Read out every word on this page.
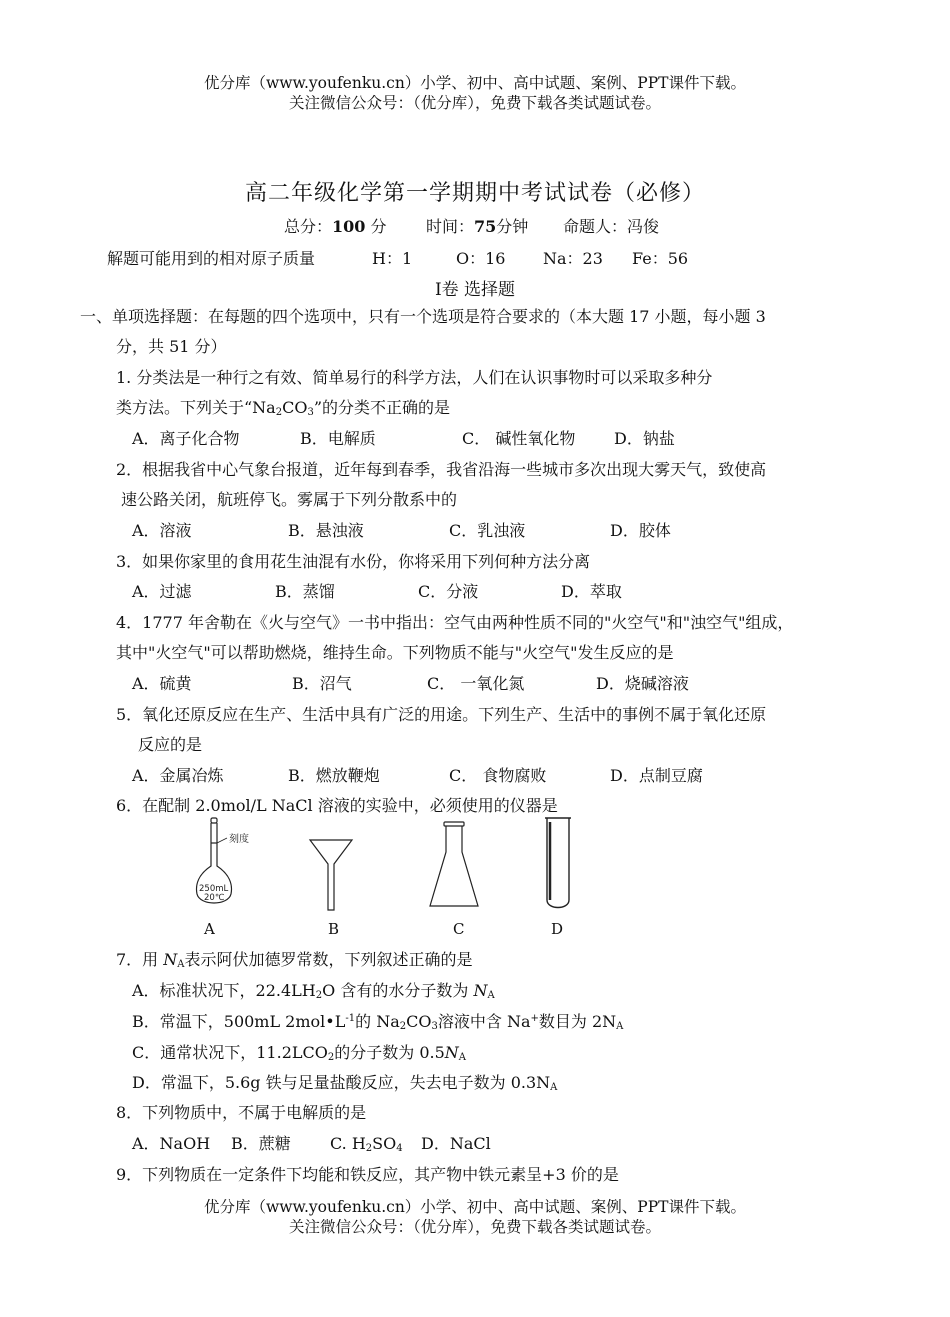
优分库（www.youfenku.cn）小学、初中、高中试题、案例、PPT课件下载。
关注微信公众号：（优分库），免费下载各类试题试卷。
高二年级化学第一学期期中考试试卷（必修）
总分：100 分 时间：75分钟 命题人：冯俊
解题可能用到的相对原子质量	H：1	O：16 Na：23 Fe：56
Ⅰ卷 选择题
一、单项选择题：在每题的四个选项中，只有一个选项是符合要求的（本大题 17 小题，每小题 3
分，共 51 分）
1. 分类法是一种行之有效、简单易行的科学方法，人们在认识事物时可以采取多种分
类方法。下列关于“$Na_2CO_3$”的分类不正确的是
A．离子化合物	B．电解质	C． 碱性氧化物 D．钠盐
2．根据我省中心气象台报道，近年每到春季，我省沿海一些城市多次出现大雾天气，致使高
速公路关闭，航班停飞。雾属于下列分散系中的
A．溶液	B．悬浊液	C．乳浊液	D．胶体
3．如果你家里的食用花生油混有水份，你将采用下列何种方法分离
A．过滤	B．蒸馏	C．分液	D．萃取
4．1777 年舍勒在《火与空气》一书中指出：空气由两种性质不同的"火空气"和"浊空气"组成，
其中"火空气"可以帮助燃烧，维持生命。下列物质不能与"火空气"发生反应的是
A．硫黄	B．沼气	C． 一氧化氮	D．烧碱溶液
5．氧化还原反应在生产、生活中具有广泛的用途。下列生产、生活中的事例不属于氧化还原
反应的是
A．金属冶炼	B．燃放鞭炮	C． 食物腐败	D．点制豆腐
6．在配制 2.0mol/L NaCl 溶液的实验中，必须使用的仪器是
刻度
250mL
20℃
A	B	C	D
7．用 $N_A$表示阿伏加德罗常数，下列叙述正确的是
A．标准状况下，$22.4LH_2O$ 含有的水分子数为 $N_A$
B．常温下，500mL $2mol•L^{-1}$的 $Na_2CO_3$溶液中含 Na+数目为 $2N_A$
C．通常状况下，$11.2LCO_2$的分子数为 $0.5N_A$
D．常温下，5.6g 铁与足量盐酸反应，失去电子数为 $0.3N_A$
8．下列物质中，不属于电解质的是
A．NaOH B．蔗糖 C. $H_2SO_4$ D．NaCl
9．下列物质在一定条件下均能和铁反应，其产物中铁元素呈+3 价的是
优分库（www.youfenku.cn）小学、初中、高中试题、案例、PPT课件下载。
关注微信公众号：（优分库），免费下载各类试题试卷。
